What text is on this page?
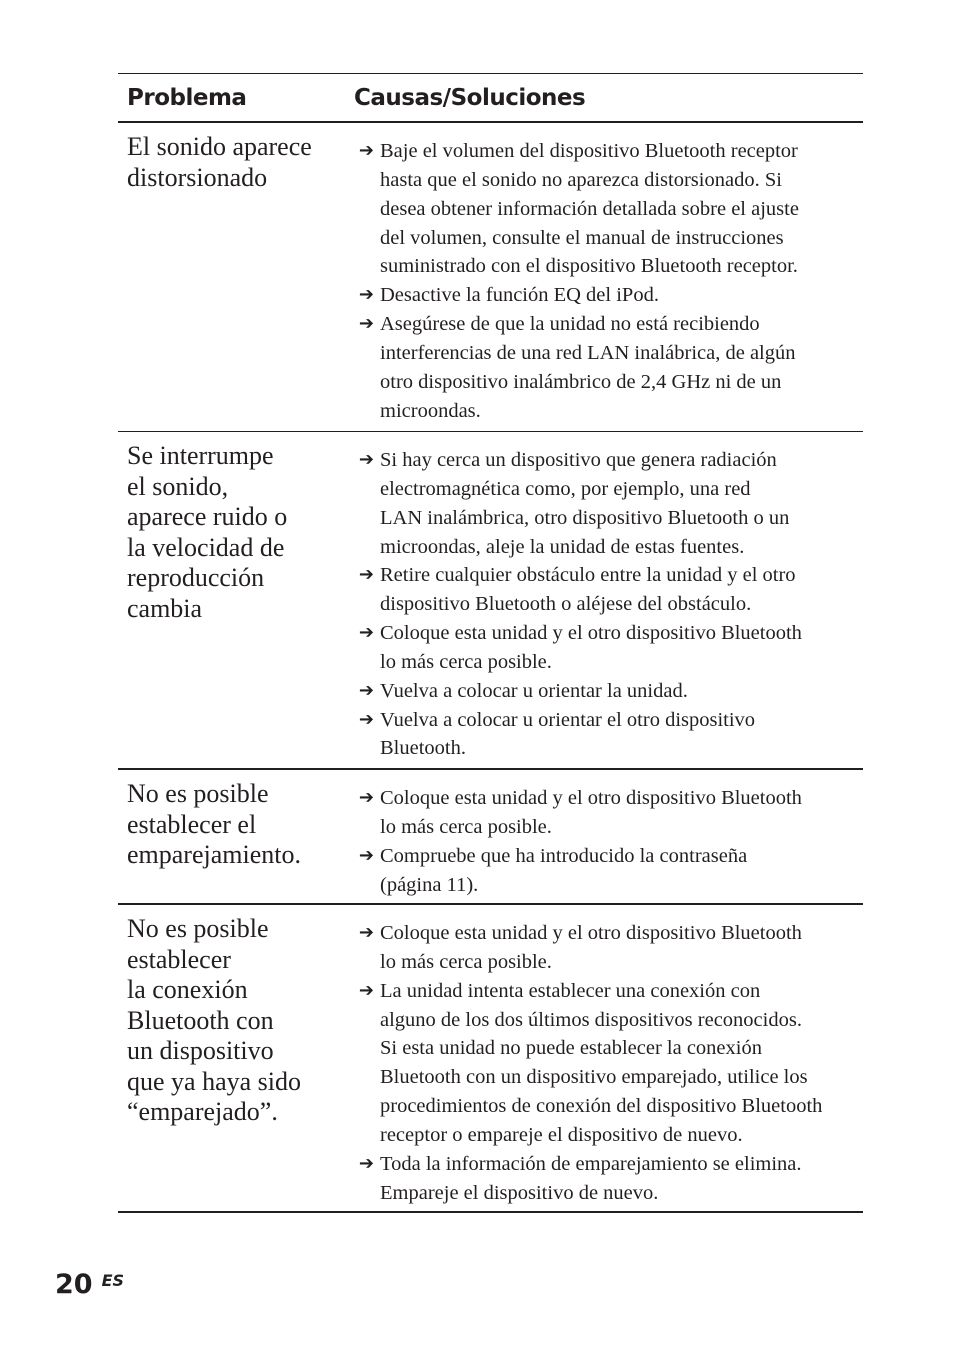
Problema	Causas/Soluciones
El sonido aparece
distorsionado
➔ Baje el volumen del dispositivo Bluetooth receptor
hasta que el sonido no aparezca distorsionado. Si
desea obtener información detallada sobre el ajuste
del volumen, consulte el manual de instrucciones
suministrado con el dispositivo Bluetooth receptor.
➔ Desactive la función EQ del iPod.
➔ Asegúrese de que la unidad no está recibiendo
interferencias de una red LAN inalábrica, de algún
otro dispositivo inalámbrico de 2,4 GHz ni de un
microondas.
Se interrumpe
el sonido,
aparece ruido o
la velocidad de
reproducción
cambia
➔ Si hay cerca un dispositivo que genera radiación
electromagnética como, por ejemplo, una red
LAN inalámbrica, otro dispositivo Bluetooth o un
microondas, aleje la unidad de estas fuentes.
➔ Retire cualquier obstáculo entre la unidad y el otro
dispositivo Bluetooth o aléjese del obstáculo.
➔ Coloque esta unidad y el otro dispositivo Bluetooth
lo más cerca posible.
➔ Vuelva a colocar u orientar la unidad.
➔ Vuelva a colocar u orientar el otro dispositivo
Bluetooth.
No es posible
establecer el
emparejamiento.
➔ Coloque esta unidad y el otro dispositivo Bluetooth
lo más cerca posible.
➔ Compruebe que ha introducido la contraseña
(página 11).
No es posible
establecer
la conexión
Bluetooth con
un dispositivo
que ya haya sido
“emparejado”.
➔ Coloque esta unidad y el otro dispositivo Bluetooth
lo más cerca posible.
➔ La unidad intenta establecer una conexión con
alguno de los dos últimos dispositivos reconocidos.
Si esta unidad no puede establecer la conexión
Bluetooth con un dispositivo emparejado, utilice los
procedimientos de conexión del dispositivo Bluetooth
receptor o empareje el dispositivo de nuevo.
➔ Toda la información de emparejamiento se elimina.
Empareje el dispositivo de nuevo.
20 ES
